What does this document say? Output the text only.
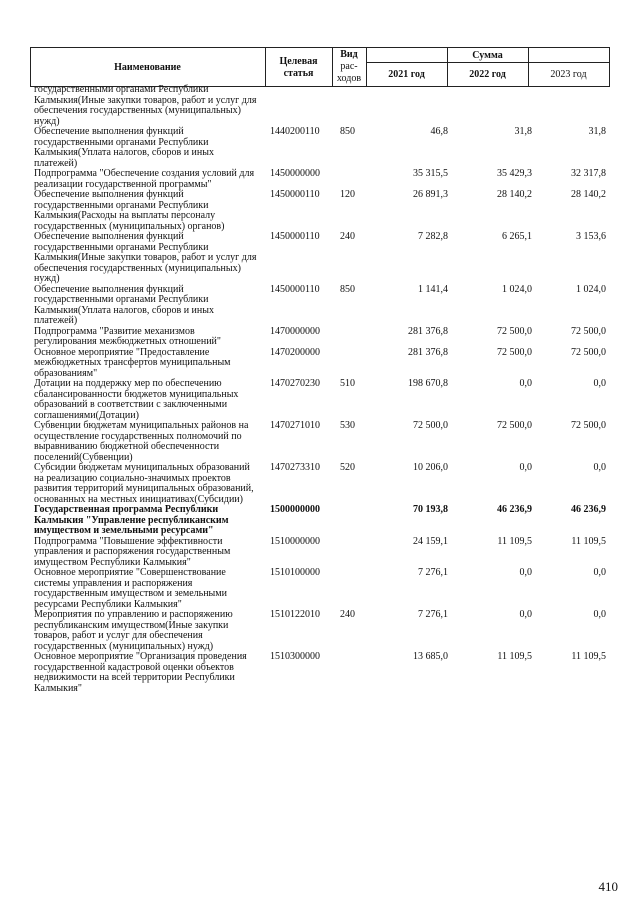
Наименование
Целевая
статья
Вид
рас-
ходов
Сумма
2021 год	2022 год	2023 год
государственными органами Республики Калмыкия(Иные закупки товаров, работ и услуг для обеспечения государственных (муниципальных) нужд)
Обеспечение выполнения функций государственными органами Республики Калмыкия(Уплата налогов, сборов и иных платежей)
1440200110	850	46,8	31,8	31,8
Подпрограмма "Обеспечение создания условий для реализации государственной программы"
1450000000	35 315,5	35 429,3	32 317,8
Обеспечение выполнения функций государственными органами Республики Калмыкия(Расходы на выплаты персоналу государственных (муниципальных) органов)
1450000110	120	26 891,3	28 140,2	28 140,2
Обеспечение выполнения функций государственными органами Республики Калмыкия(Иные закупки товаров, работ и услуг для обеспечения государственных (муниципальных) нужд)
1450000110	240	7 282,8	6 265,1	3 153,6
Обеспечение выполнения функций государственными органами Республики Калмыкия(Уплата налогов, сборов и иных платежей)
1450000110	850	1 141,4	1 024,0	1 024,0
Подпрограмма "Развитие механизмов регулирования межбюджетных отношений"
1470000000	281 376,8	72 500,0	72 500,0
Основное мероприятие "Предоставление межбюджетных трансфертов муниципальным образованиям"
1470200000	281 376,8	72 500,0	72 500,0
Дотации на поддержку мер по обеспечению сбалансированности бюджетов муниципальных образований в соответствии с заключенными соглашениями(Дотации)
1470270230	510	198 670,8	0,0	0,0
Субвенции бюджетам муниципальных районов на осуществление государственных полномочий по выравниванию бюджетной обеспеченности поселений(Субвенции)
1470271010	530	72 500,0	72 500,0	72 500,0
Субсидии бюджетам муниципальных образований на реализацию социально-значимых проектов развития территорий муниципальных образований, основанных на местных инициативах(Субсидии)
1470273310	520	10 206,0	0,0	0,0
Государственная программа Республики Калмыкия "Управление республиканским имуществом и земельными ресурсами"
1500000000	70 193,8	46 236,9	46 236,9
Подпрограмма "Повышение эффективности управления и распоряжения государственным имуществом Республики Калмыкия"
1510000000	24 159,1	11 109,5	11 109,5
Основное мероприятие "Совершенствование системы управления и распоряжения государственным имуществом и земельными ресурсами Республики Калмыкия"
1510100000	7 276,1	0,0	0,0
Мероприятия по управлению и распоряжению республиканским имуществом(Иные закупки товаров, работ и услуг для обеспечения государственных (муниципальных) нужд)
1510122010	240	7 276,1	0,0	0,0
Основное мероприятие "Организация проведения государственной кадастровой оценки объектов недвижимости на всей территории Республики Калмыкия"
1510300000	13 685,0	11 109,5	11 109,5
410
